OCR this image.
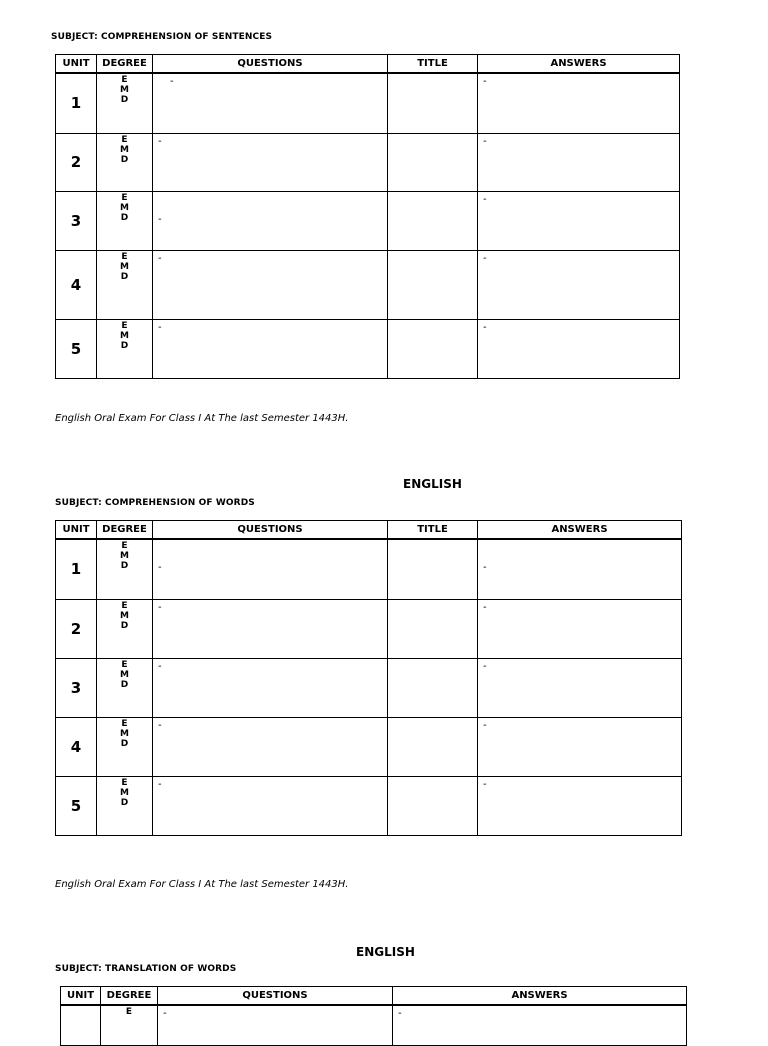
SUBJECT: COMPREHENSION OF SENTENCES
UNIT	DEGREE	QUESTIONS	TITLE	ANSWERS
1	E
M
D	-		-

2	E
M
D	-		-

3	E
M
D	-		-

4	E
M
D	-		-

5	E
M
D	-		-
English Oral Exam For Class I At The last Semester 1443H.
ENGLISH
SUBJECT: COMPREHENSION OF WORDS
UNIT	DEGREE	QUESTIONS	TITLE	ANSWERS
1	E
M
D	-		-

2	E
M
D	-		-

3	E
M
D	-		-

4	E
M
D	-		-

5	E
M
D	-		-
English Oral Exam For Class I At The last Semester 1443H.
ENGLISH
SUBJECT: TRANSLATION OF WORDS
UNIT	DEGREE	QUESTIONS	ANSWERS

	E	-	-
